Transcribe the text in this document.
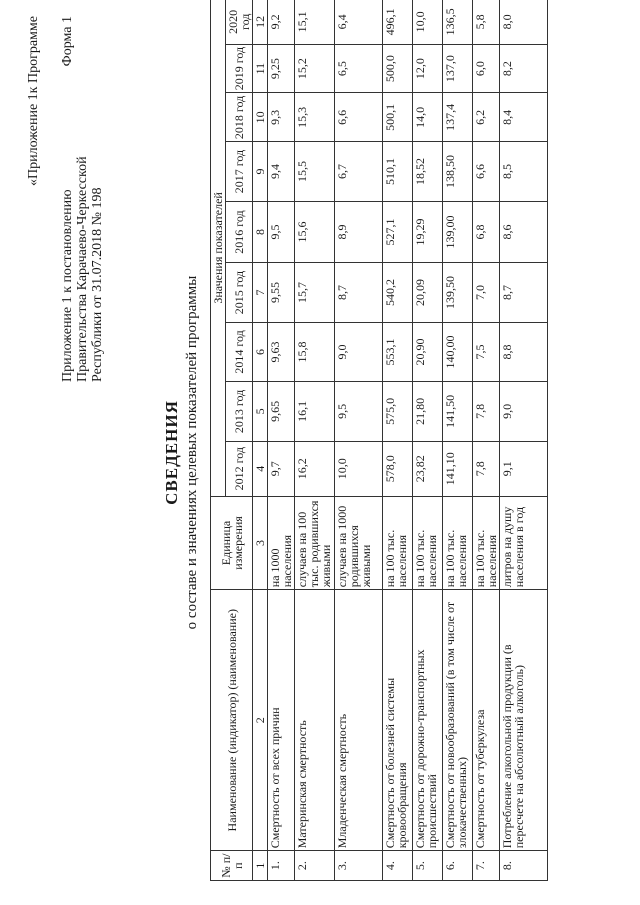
«Приложение 1к Программе Форма 1
Приложение 1 к постановлению Правительства Карачаево-Черкесской Республики от 31.07.2018 № 198
СВЕДЕНИЯ о составе и значениях целевых показателей программы
№ п/п	Наименование (индикатор) (наименование)	Единица измерения	Значения показателей								
			2012 год	2013 год	2014 год	2015 год	2016 год	2017 год	2018 год	2019 год	2020 год
1	2	3	4	5	6	7	8	9	10	11	12
1.	Смертность от всех причин	на 1000 населения	9,7	9,65	9,63	9,55	9,5	9,4	9,3	9,25	9,2
2.	Материнская смертность	случаев на 100 тыс. родившихся живыми	16,2	16,1	15,8	15,7	15,6	15,5	15,3	15,2	15,1
3.	Младенческая смертность	случаев на 1000 родившихся живыми	10,0	9,5	9,0	8,7	8,9	6,7	6,6	6,5	6,4
4.	Смертность от болезней системы кровообращения	на 100 тыс. населения	578,0	575,0	553,1	540,2	527,1	510,1	500,1	500,0	496,1
5.	Смертность от дорожно-транспортных происшествий	на 100 тыс. населения	23,82	21,80	20,90	20,09	19,29	18,52	14,0	12,0	10,0
6.	Смертность от новообразований (в том числе от злокачественных)	на 100 тыс. населения	141,10	141,50	140,00	139,50	139,00	138,50	137,4	137,0	136,5
7.	Смертность от туберкулеза	на 100 тыс. населения	7,8	7,8	7,5	7,0	6,8	6,6	6,2	6,0	5,8
8.	Потребление алкогольной продукции (в пересчете на абсолютный алкоголь)	литров на душу населения в год	9,1	9,0	8,8	8,7	8,6	8,5	8,4	8,2	8,0
